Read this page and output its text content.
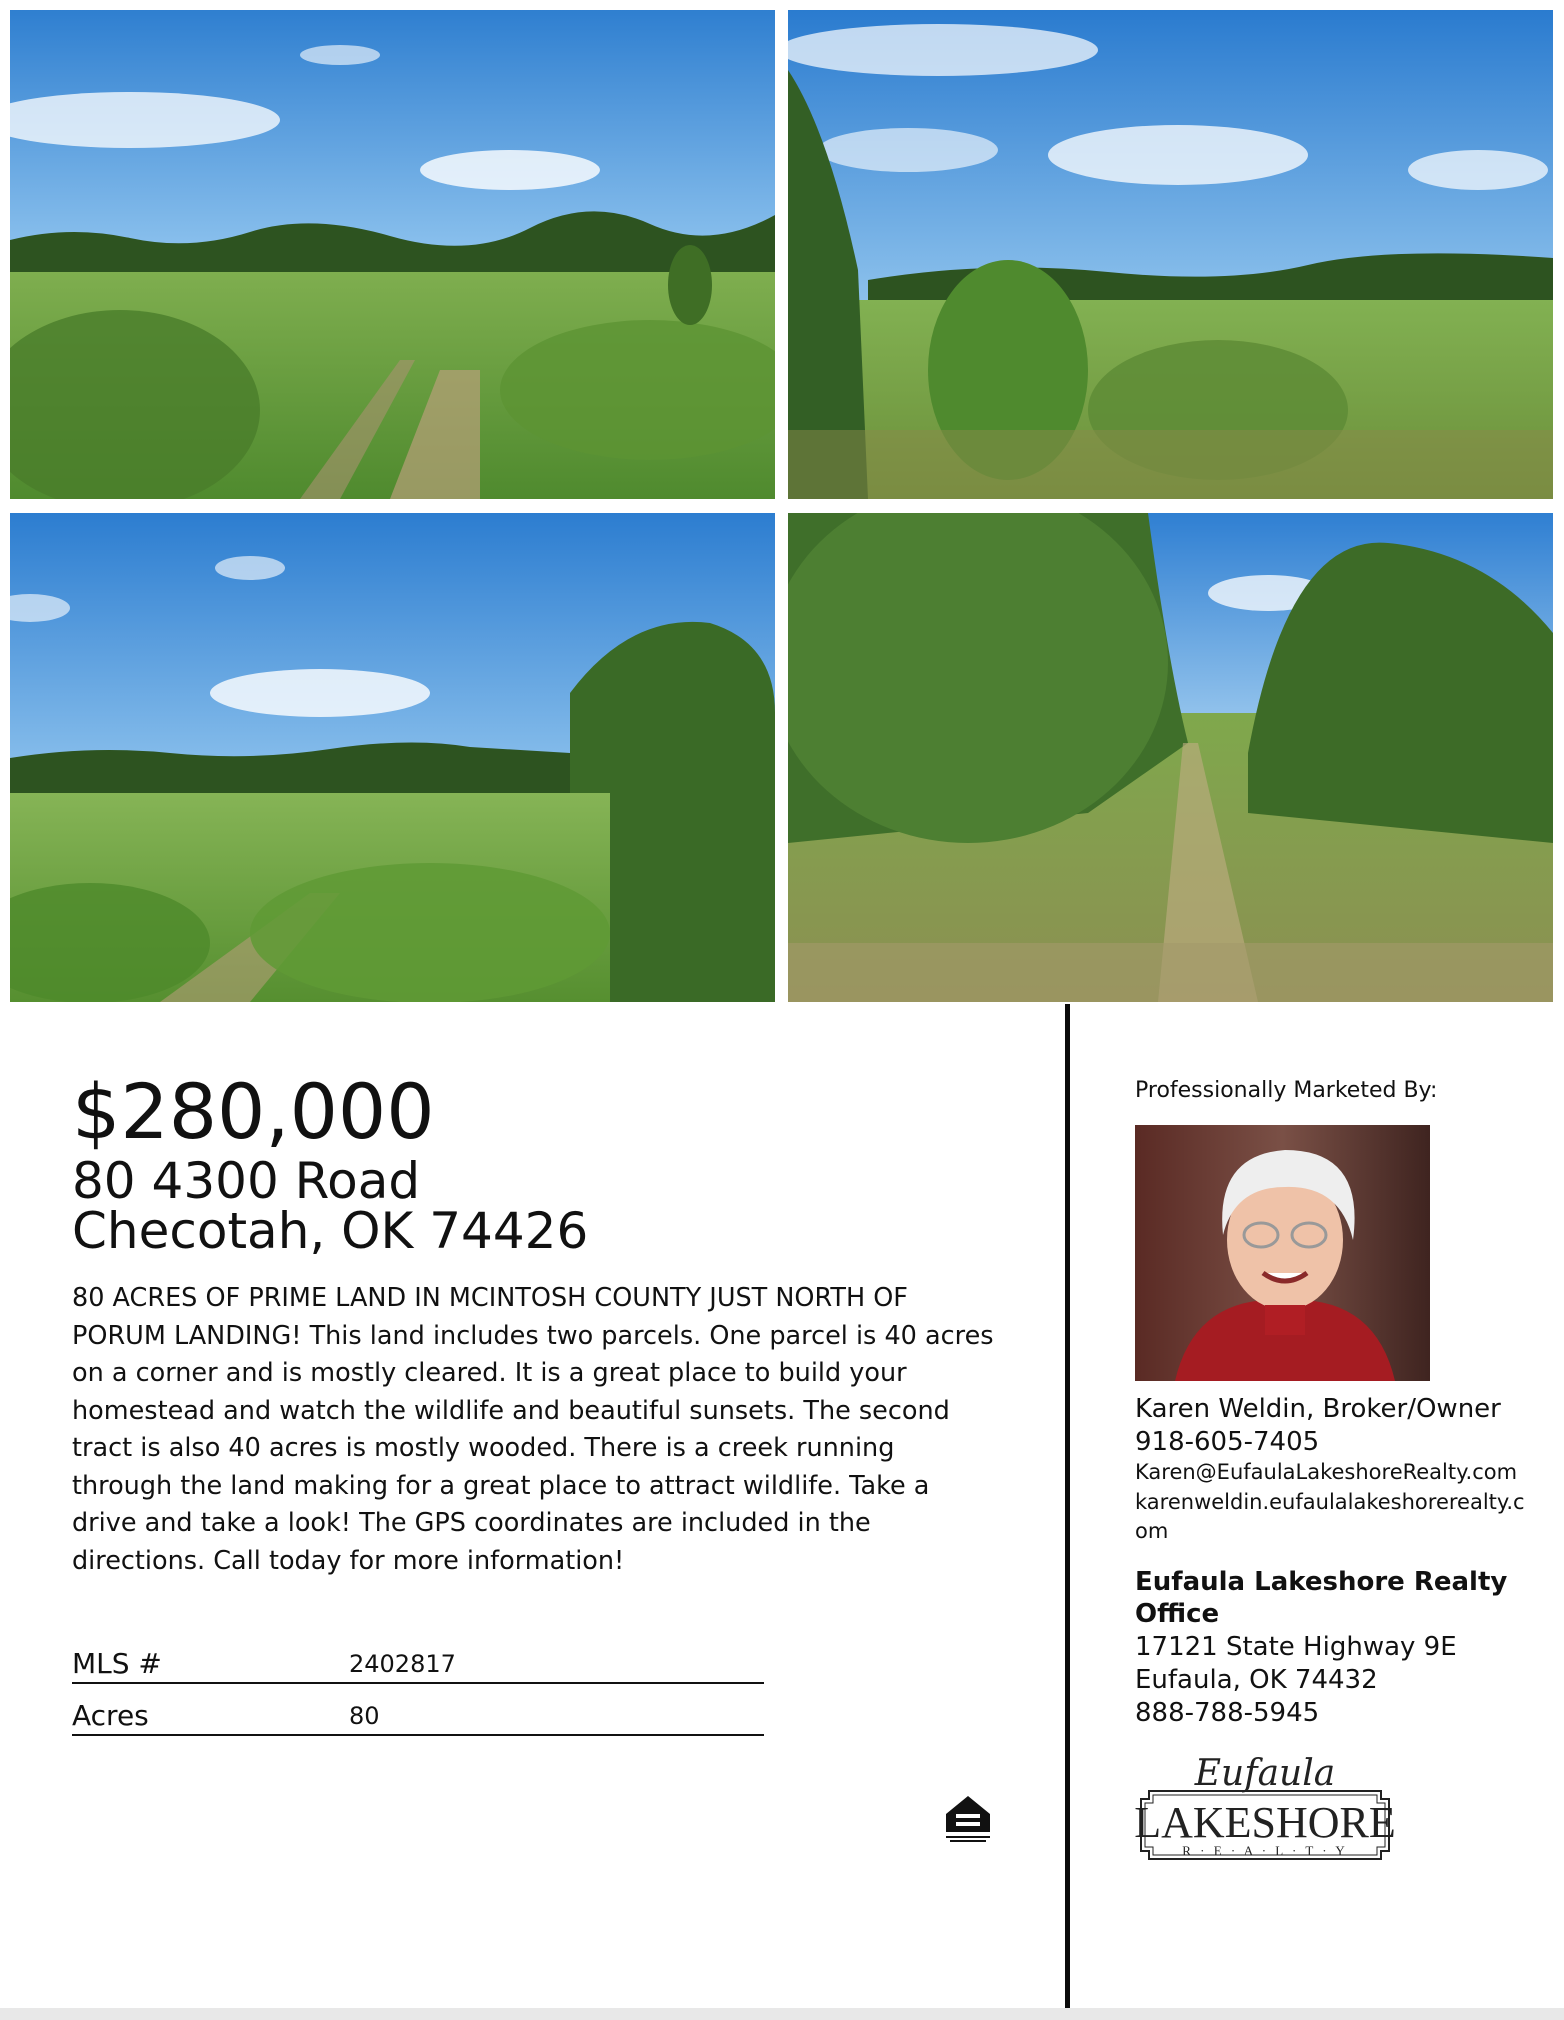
$280,000
80 4300 Road
Checotah, OK 74426
80 ACRES OF PRIME LAND IN MCINTOSH COUNTY JUST NORTH OF PORUM LANDING! This land includes two parcels. One parcel is 40 acres on a corner and is mostly cleared. It is a great place to build your homestead and watch the wildlife and beautiful sunsets. The second tract is also 40 acres is mostly wooded. There is a creek running through the land making for a great place to attract wildlife. Take a drive and take a look! The GPS coordinates are included in the directions. Call today for more information!
MLS #	2402817
Acres	80
Professionally Marketed By:
Karen Weldin, Broker/Owner
918-605-7405
Karen@EufaulaLakeshoreRealty.com
karenweldin.eufaulalakeshorerealty.com
Eufaula Lakeshore Realty Office
17121 State Highway 9E
Eufaula, OK 74432
888-788-5945
Eufaula
LAKESHORE
R · E · A · L · T · Y
